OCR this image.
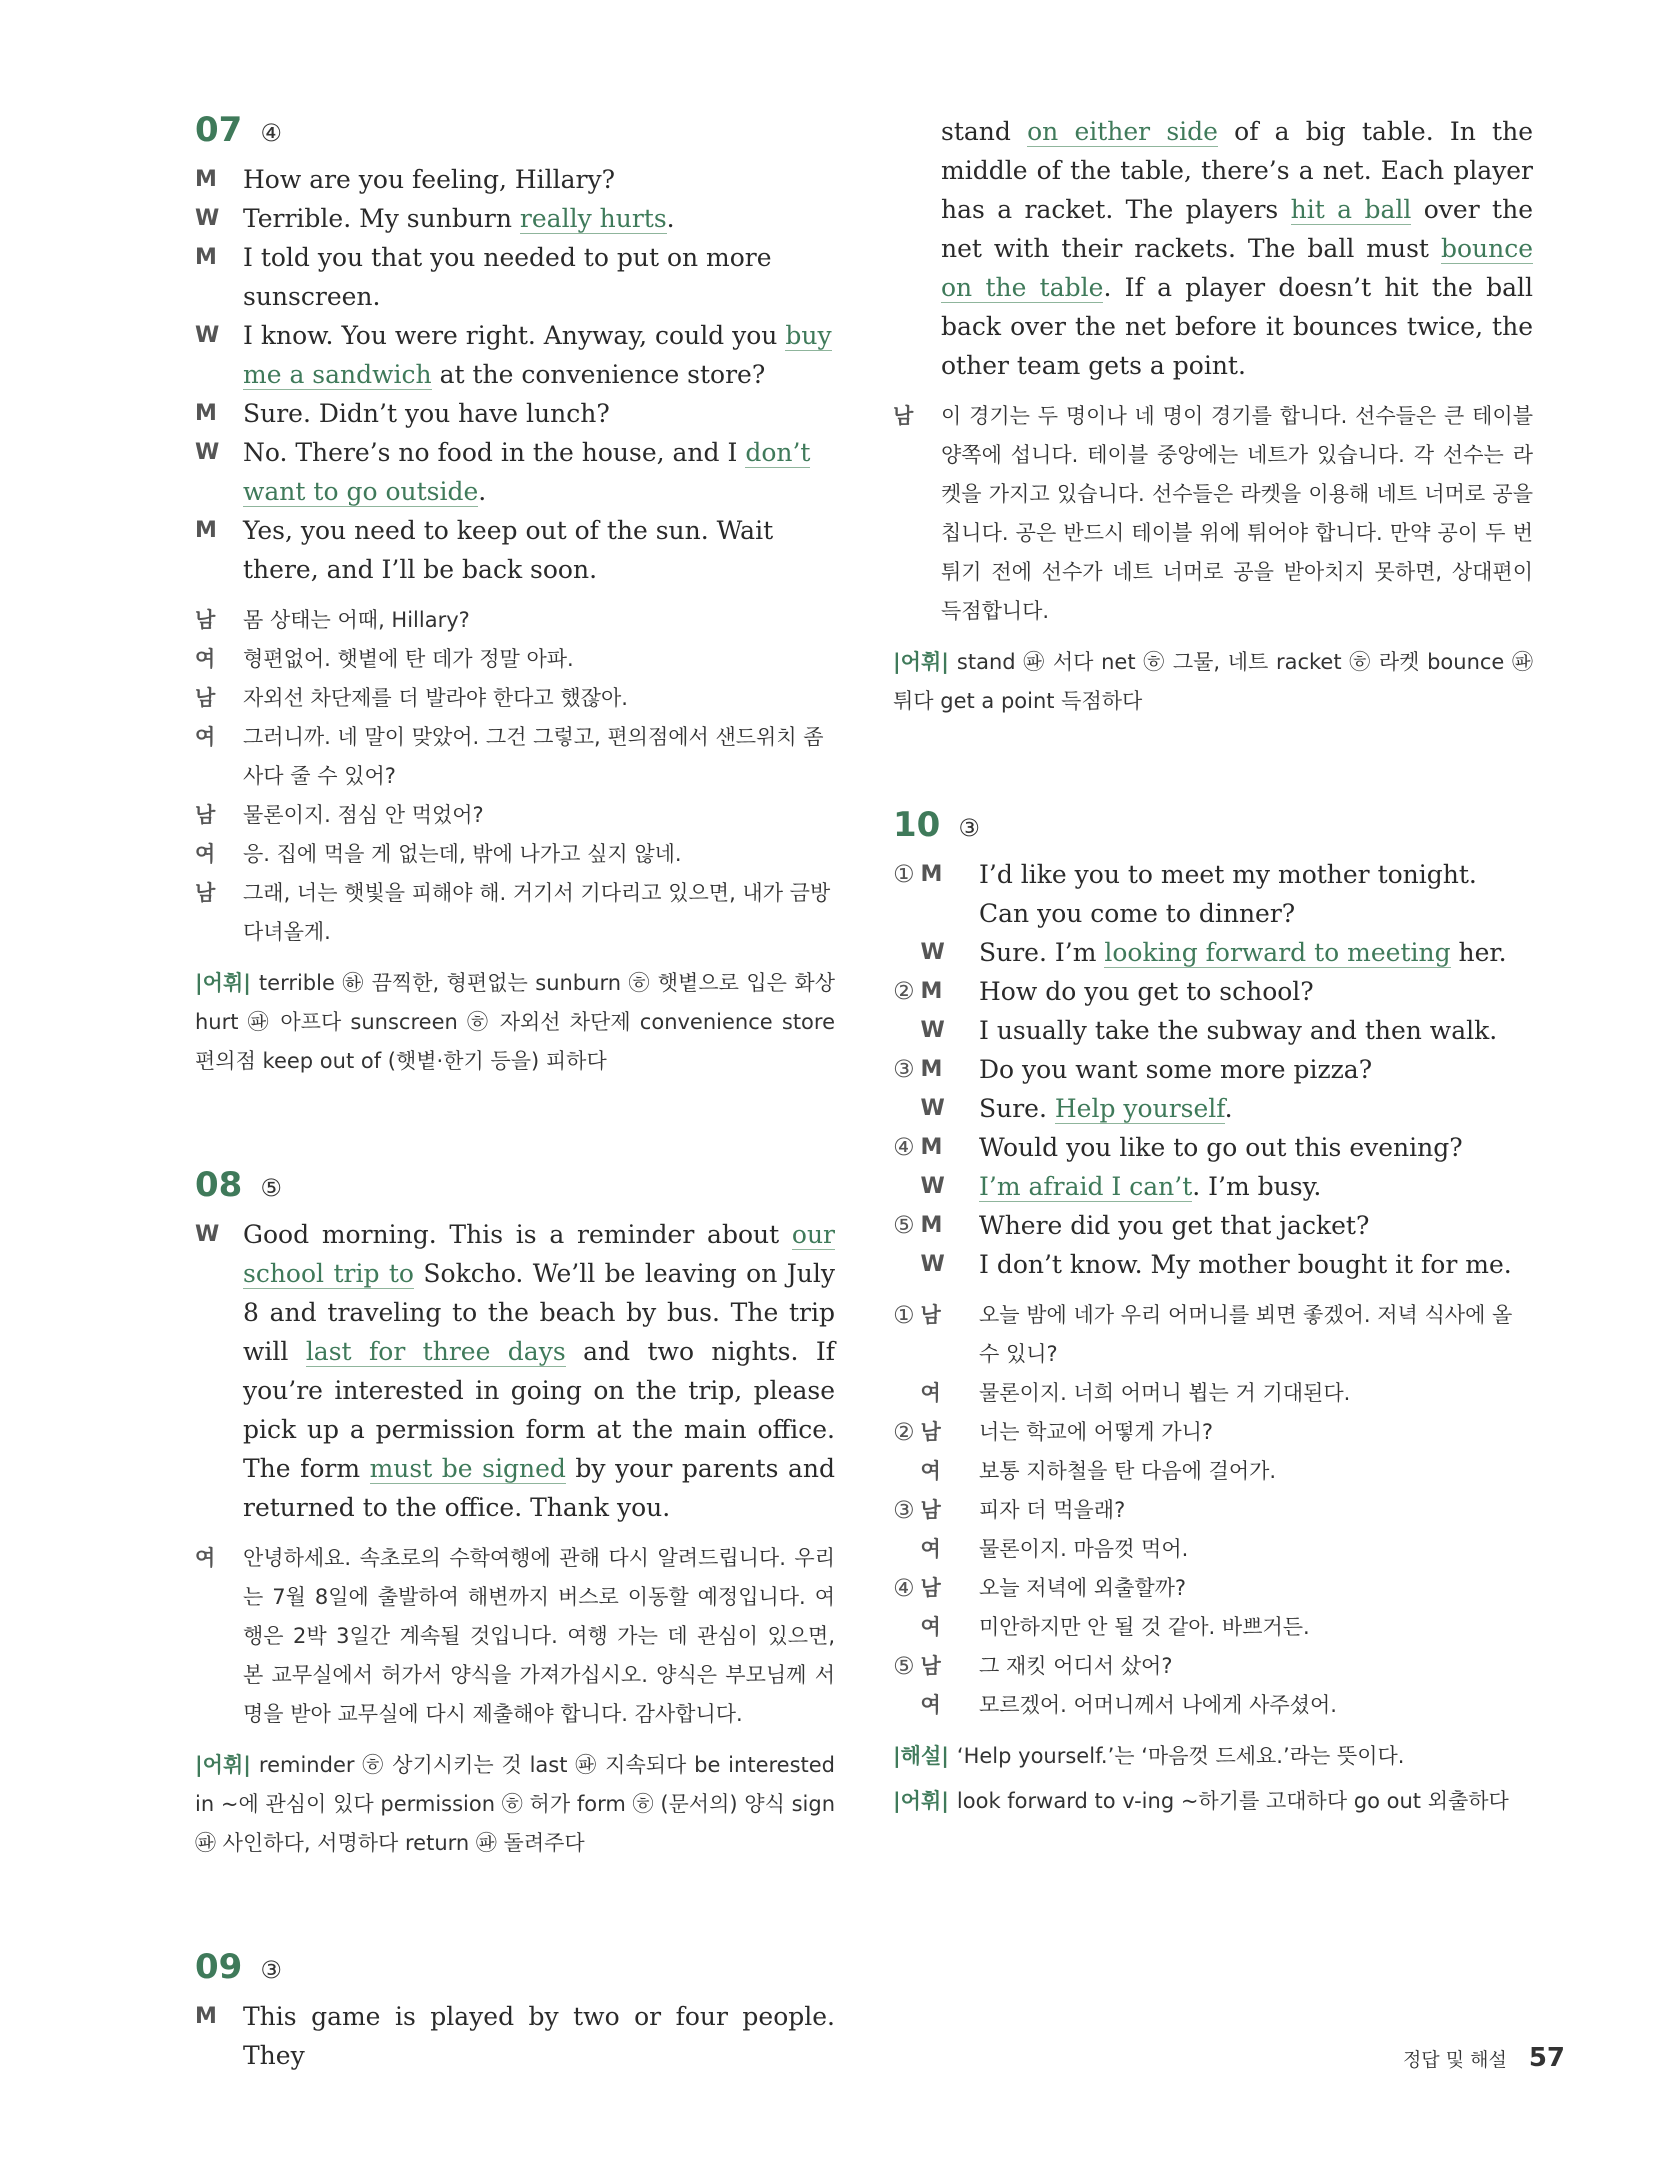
07 ④
M	How are you feeling, Hillary?
W Terrible. My sunburn really hurts.
M	I told you that you needed to put on more sunscreen.
W I know. You were right. Anyway, could you buy me a sandwich at the convenience store?
M	Sure. Didn’t you have lunch?
W No. There’s no food in the house, and I don’t want to go outside.
M	Yes, you need to keep out of the sun. Wait there, and I’ll be back soon.
남	몸 상태는 어때, Hillary?
여	형편없어. 햇볕에 탄 데가 정말 아파.
남	자외선 차단제를 더 발라야 한다고 했잖아.
여	그러니까. 네 말이 맞았어. 그건 그렇고, 편의점에서 샌드위치 좀 사다 줄 수 있어?
남	물론이지. 점심 안 먹었어?
여	응. 집에 먹을 게 없는데, 밖에 나가고 싶지 않네.
남	그래, 너는 햇빛을 피해야 해. 거기서 기다리고 있으면, 내가 금방 다녀올게.
|어휘| terrible ㉻ 끔찍한, 형편없는 sunburn ㉭ 햇볕으로 입은 화상 hurt ㉺ 아프다 sunscreen ㉭ 자외선 차단제 convenience store 편의점 keep out of (햇볕·한기 등을) 피하다
08 ⑤
W Good morning. This is a reminder about our school trip to Sokcho. We’ll be leaving on July 8 and traveling to the beach by bus. The trip will last for three days and two nights. If you’re interested in going on the trip, please pick up a permission form at the main office. The form must be signed by your parents and returned to the office. Thank you.
여	안녕하세요. 속초로의 수학여행에 관해 다시 알려드립니다. 우리는 7월 8일에 출발하여 해변까지 버스로 이동할 예정입니다. 여행은 2박 3일간 계속될 것입니다. 여행 가는 데 관심이 있으면, 본 교무실에서 허가서 양식을 가져가십시오. 양식은 부모님께 서명을 받아 교무실에 다시 제출해야 합니다. 감사합니다.
|어휘| reminder ㉭ 상기시키는 것 last ㉺ 지속되다 be interested in ~에 관심이 있다 permission ㉭ 허가 form ㉭ (문서의) 양식 sign ㉺ 사인하다, 서명하다 return ㉺ 돌려주다
09 ③
M	This game is played by two or four people. They
stand on either side of a big table. In the middle of the table, there’s a net. Each player has a racket. The players hit a ball over the net with their rackets. The ball must bounce on the table. If a player doesn’t hit the ball back over the net before it bounces twice, the other team gets a point.
남	이 경기는 두 명이나 네 명이 경기를 합니다. 선수들은 큰 테이블 양쪽에 섭니다. 테이블 중앙에는 네트가 있습니다. 각 선수는 라켓을 가지고 있습니다. 선수들은 라켓을 이용해 네트 너머로 공을 칩니다. 공은 반드시 테이블 위에 튀어야 합니다. 만약 공이 두 번 튀기 전에 선수가 네트 너머로 공을 받아치지 못하면, 상대편이 득점합니다.
|어휘| stand ㉺ 서다 net ㉭ 그물, 네트 racket ㉭ 라켓 bounce ㉺ 튀다 get a point 득점하다
10 ③
① M I’d like you to meet my mother tonight. Can you come to dinner?
W Sure. I’m looking forward to meeting her.
② M How do you get to school?
W I usually take the subway and then walk.
③ M Do you want some more pizza?
W Sure. Help yourself.
④ M Would you like to go out this evening?
W I’m afraid I can’t. I’m busy.
⑤ M Where did you get that jacket?
W I don’t know. My mother bought it for me.
① 남 오늘 밤에 네가 우리 어머니를 뵈면 좋겠어. 저녁 식사에 올 수 있니?
여 물론이지. 너희 어머니 뵙는 거 기대된다.
② 남 너는 학교에 어떻게 가니?
여 보통 지하철을 탄 다음에 걸어가.
③ 남 피자 더 먹을래?
여 물론이지. 마음껏 먹어.
④ 남 오늘 저녁에 외출할까?
여 미안하지만 안 될 것 같아. 바쁘거든.
⑤ 남 그 재킷 어디서 샀어?
여 모르겠어. 어머니께서 나에게 사주셨어.
|해설| ‘Help yourself.’는 ‘마음껏 드세요.’라는 뜻이다.
|어휘| look forward to v-ing ~하기를 고대하다 go out 외출하다
정답 및 해설 57
